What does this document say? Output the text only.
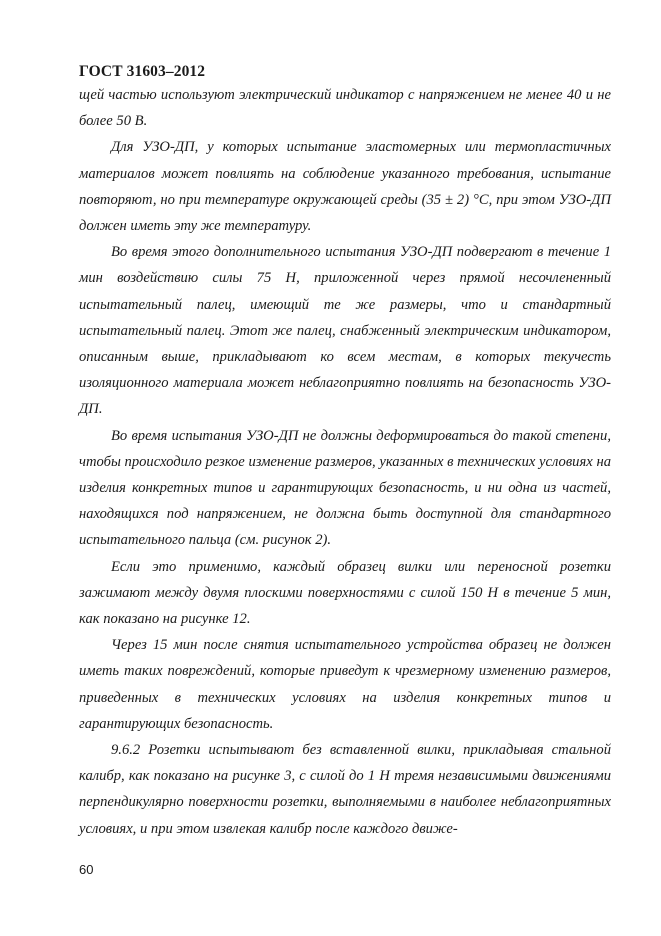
ГОСТ 31603–2012

щей частью используют электрический индикатор с напряжением не менее 40 и не более 50 В.

Для УЗО-ДП, у которых испытание эластомерных или термопластичных материалов может повлиять на соблюдение указанного требования, испытание повторяют, но при температуре окружающей среды (35 ± 2) °С, при этом УЗО-ДП должен иметь эту же температуру.

Во время этого дополнительного испытания УЗО-ДП подвергают в течение 1 мин воздействию силы 75 Н, приложенной через прямой несочлененный испытательный палец, имеющий те же размеры, что и стандартный испытательный палец. Этот же палец, снабженный электрическим индикатором, описанным выше, прикладывают ко всем местам, в которых текучесть изоляционного материала может неблагоприятно повлиять на безопасность УЗО-ДП.

Во время испытания УЗО-ДП не должны деформироваться до такой степени, чтобы происходило резкое изменение размеров, указанных в технических условиях на изделия конкретных типов и гарантирующих безопасность, и ни одна из частей, находящихся под напряжением, не должна быть доступной для стандартного испытательного пальца (см. рисунок 2).

Если это применимо, каждый образец вилки или переносной розетки зажимают между двумя плоскими поверхностями с силой 150 Н в течение 5 мин, как показано на рисунке 12.

Через 15 мин после снятия испытательного устройства образец не должен иметь таких повреждений, которые приведут к чрезмерному изменению размеров, приведенных в технических условиях на изделия конкретных типов и гарантирующих безопасность.

9.6.2 Розетки испытывают без вставленной вилки, прикладывая стальной калибр, как показано на рисунке 3, с силой до 1 Н тремя независимыми движениями перпендикулярно поверхности розетки, выполняемыми в наиболее неблагоприятных условиях, и при этом извлекая калибр после каждого движе-

60
